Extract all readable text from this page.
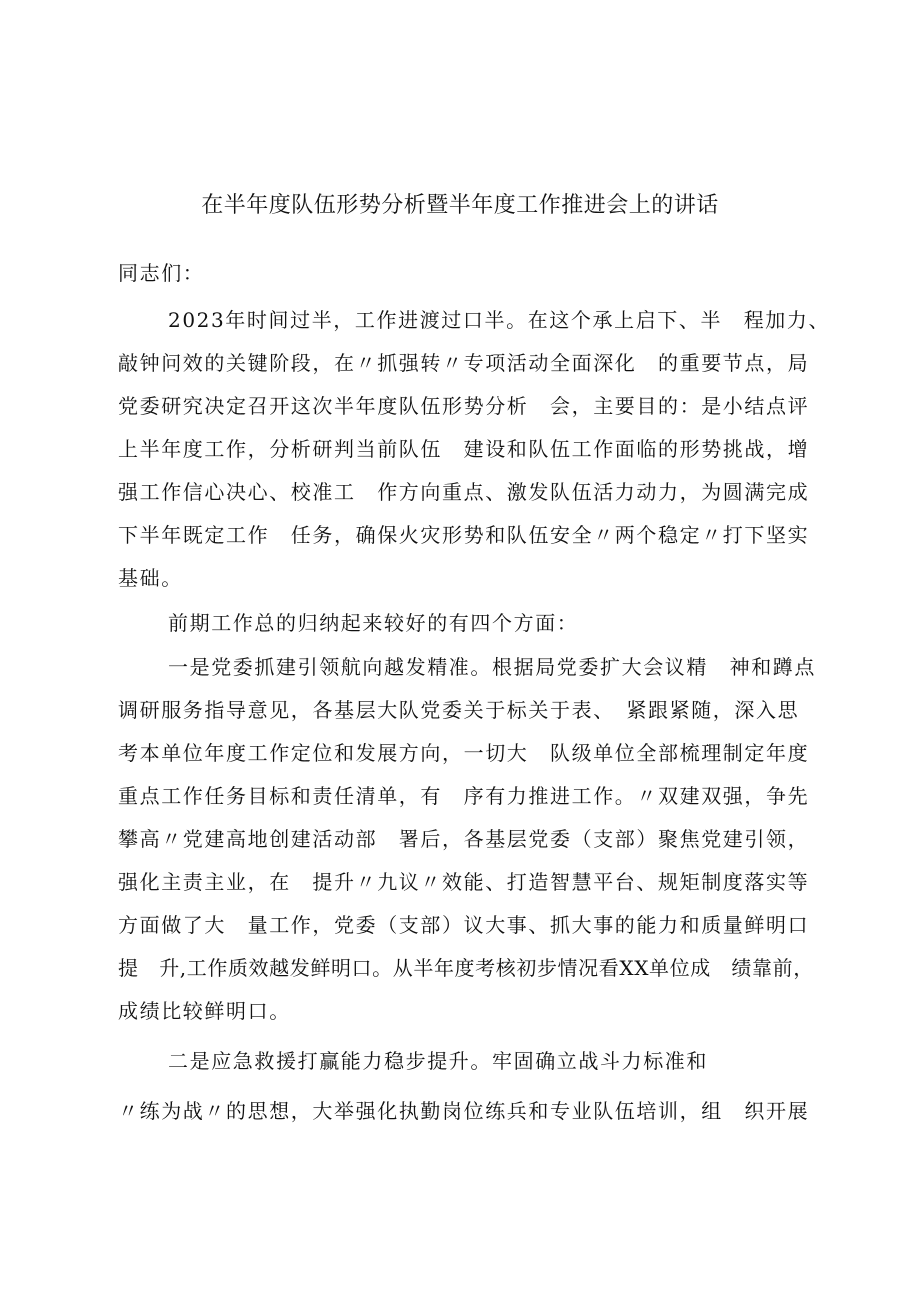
在半年度队伍形势分析暨半年度工作推进会上的讲话
同志们：
2023年时间过半，工作进渡过口半。在这个承上启下、半　程加力、
敲钟问效的关键阶段，在〃抓强转〃专项活动全面深化　的重要节点，局
党委研究决定召开这次半年度队伍形势分析　会，主要目的：是小结点评
上半年度工作，分析研判当前队伍　建设和队伍工作面临的形势挑战，增
强工作信心决心、校准工　作方向重点、激发队伍活力动力，为圆满完成
下半年既定工作　任务，确保火灾形势和队伍安全〃两个稳定〃打下坚实
基础。
前期工作总的归纳起来较好的有四个方面：
一是党委抓建引领航向越发精准。根据局党委扩大会议精　神和蹲点
调研服务指导意见，各基层大队党委关于标关于表、　紧跟紧随，深入思
考本单位年度工作定位和发展方向，一切大　队级单位全部梳理制定年度
重点工作任务目标和责任清单，有　序有力推进工作。〃双建双强，争先
攀高〃党建高地创建活动部　署后，各基层党委（支部）聚焦党建引领，
强化主责主业，在　提升〃九议〃效能、打造智慧平台、规矩制度落实等
方面做了大　量工作，党委（支部）议大事、抓大事的能力和质量鲜明口
提　升,工作质效越发鲜明口。从半年度考核初步情况看XX单位成　绩靠前，
成绩比较鲜明口。
二是应急救援打赢能力稳步提升。牢固确立战斗力标准和
〃练为战〃的思想，大举强化执勤岗位练兵和专业队伍培训，组　织开展
